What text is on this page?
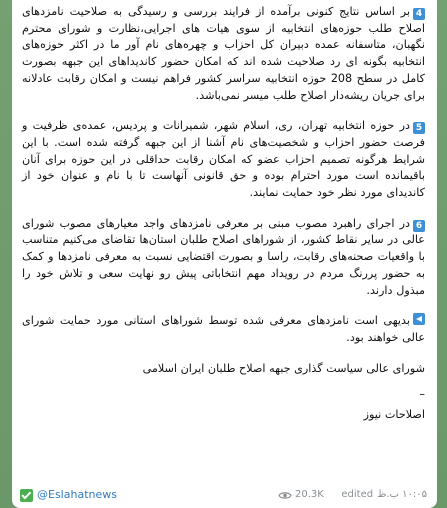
4بر اساس نتایج کنونی برآمده از فرایند بررسی و رسیدگی به صلاحیت نامزدهای اصلاح طلب حوزه‌های انتخابیه از سوی هیات های اجرایی،نظارت و شورای محترم نگهبان، متاسفانه عمده دبیران کل احزاب و چهره‌های نام آور ما در اکثر حوزه‌های انتخابیه بگونه ای رد صلاحیت شده اند که امکان حضور کاندیداهای این جبهه بصورت کامل در سطح 208 حوزه انتخابیه سراسر کشور فراهم نیست و امکان رقابت عادلانه برای جریان ریشه‌دار اصلاح طلب میسر نمی‌باشد.

5در حوزه انتخابیه تهران، ری، اسلام شهر، شمیرانات و پردیس، عمده‌ی ظرفیت و فرصت حضور احزاب و شخصیت‌های نام آشنا از این جبهه گرفته شده است. با این شرایط هرگونه تصمیم احزاب عضو که امکان رقابت حداقلی در این حوزه برای آنان باقیمانده است مورد احترام بوده و حق قانونی آنهاست تا با نام و عنوان خود از کاندیدای مورد نظر خود حمایت نمایند.

6در اجرای راهبرد مصوب مبنی بر معرفی نامزدهای واجد معیارهای مصوب شورای عالی در سایر نقاط کشور، از شوراهای اصلاح طلبان استان‌ها تقاضای می‌کنیم متناسب با واقعیات صحنه‌های رقابت، راسا و بصورت اقتضایی نسبت به معرفی نامزدها و کمک به حضور پررنگ مردم در رویداد مهم انتخاباتی پیش رو نهایت سعی و تلاش خود را مبذول دارند.

بدیهی است نامزدهای معرفی شده توسط شوراهای استانی مورد حمایت شورای عالی خواهند بود.

شورای عالی سیاست گذاری جبهه اصلاح طلبان ایران اسلامی

–

اصلاحات نیوز

@Eslahatnews	20.3K	۱۰:۰۵ ب.ظ
edited
